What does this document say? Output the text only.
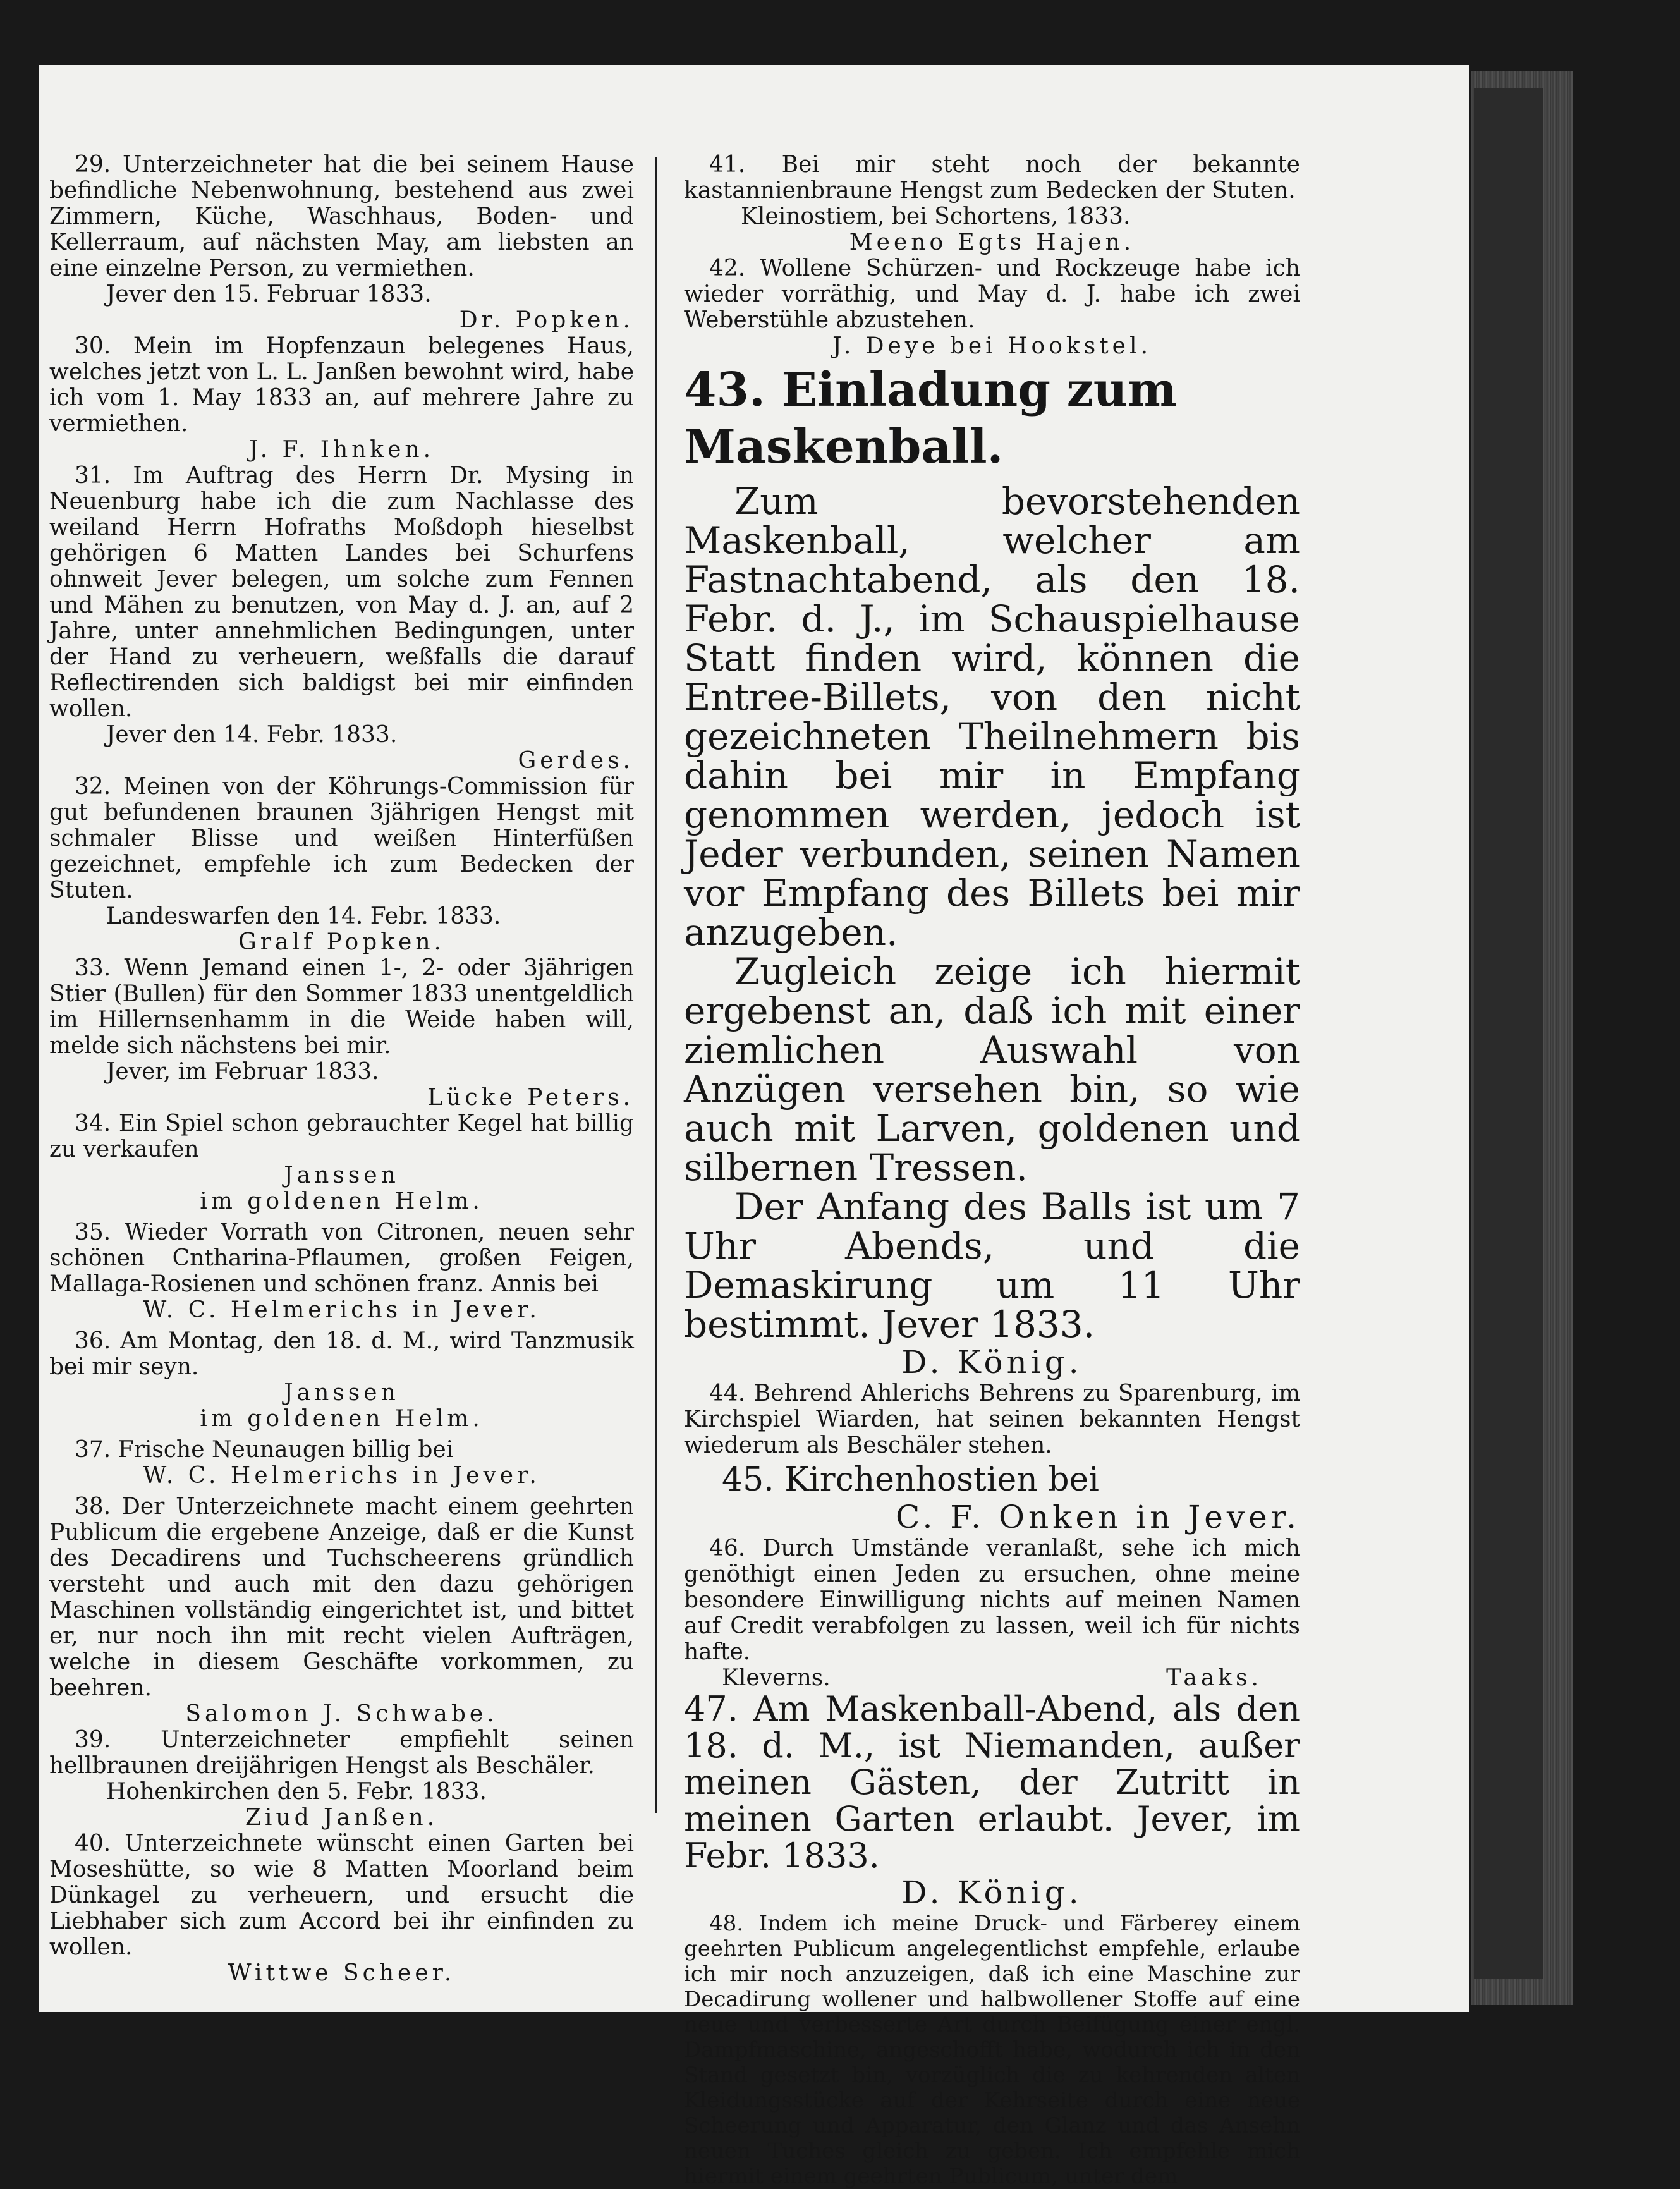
29. Unterzeichneter hat die bei seinem Hause befindliche Nebenwohnung, bestehend aus zwei Zimmern, Küche, Waschhaus, Boden- und Kellerraum, auf nächsten May, am liebsten an eine einzelne Person, zu vermiethen.

Jever den 15. Februar 1833.

Dr. Popken.

30. Mein im Hopfenzaun belegenes Haus, welches jetzt von L. L. Janßen bewohnt wird, habe ich vom 1. May 1833 an, auf mehrere Jahre zu vermiethen.

J. F. Ihnken.

31. Im Auftrag des Herrn Dr. Mysing in Neuenburg habe ich die zum Nachlasse des weiland Herrn Hofraths Moßdoph hieselbst gehörigen 6 Matten Landes bei Schurfens ohnweit Jever belegen, um solche zum Fennen und Mähen zu benutzen, von May d. J. an, auf 2 Jahre, unter annehmlichen Bedingungen, unter der Hand zu verheuern, weßfalls die darauf Reflectirenden sich baldigst bei mir einfinden wollen.

Jever den 14. Febr. 1833.

Gerdes.

32. Meinen von der Köhrungs-Commission für gut befundenen braunen 3jährigen Hengst mit schmaler Blisse und weißen Hinterfüßen gezeichnet, empfehle ich zum Bedecken der Stuten.

Landeswarfen den 14. Febr. 1833.

Gralf Popken.

33. Wenn Jemand einen 1-, 2- oder 3jährigen Stier (Bullen) für den Sommer 1833 unentgeldlich im Hillernsenhamm in die Weide haben will, melde sich nächstens bei mir.

Jever, im Februar 1833.

Lücke Peters.

34. Ein Spiel schon gebrauchter Kegel hat billig zu verkaufen

Janssen

im goldenen Helm.

35. Wieder Vorrath von Citronen, neuen sehr schönen Cntharina-Pflaumen, großen Feigen, Mallaga-Rosienen und schönen franz. Annis bei

W. C. Helmerichs in Jever.

36. Am Montag, den 18. d. M., wird Tanzmusik bei mir seyn.

Janssen

im goldenen Helm.

37. Frische Neunaugen billig bei

W. C. Helmerichs in Jever.

38. Der Unterzeichnete macht einem geehrten Publicum die ergebene Anzeige, daß er die Kunst des Decadirens und Tuchscheerens gründlich versteht und auch mit den dazu gehörigen Maschinen vollständig eingerichtet ist, und bittet er, nur noch ihn mit recht vielen Aufträgen, welche in diesem Geschäfte vorkommen, zu beehren.

Salomon J. Schwabe.

39. Unterzeichneter empfiehlt seinen hellbraunen dreijährigen Hengst als Beschäler.

Hohenkirchen den 5. Febr. 1833.

Ziud Janßen.

40. Unterzeichnete wünscht einen Garten bei Moseshütte, so wie 8 Matten Moorland beim Dünkagel zu verheuern, und ersucht die Liebhaber sich zum Accord bei ihr einfinden zu wollen.

Wittwe Scheer.

41. Bei mir steht noch der bekannte kastannienbraune Hengst zum Bedecken der Stuten.

Kleinostiem, bei Schortens, 1833.

Meeno Egts Hajen.

42. Wollene Schürzen- und Rockzeuge habe ich wieder vorräthig, und May d. J. habe ich zwei Weberstühle abzustehen.

J. Deye bei Hookstel.

43. Einladung zum Maskenball.

Zum bevorstehenden Maskenball, welcher am Fastnachtabend, als den 18. Febr. d. J., im Schauspielhause Statt finden wird, können die Entree-Billets, von den nicht gezeichneten Theilnehmern bis dahin bei mir in Empfang genommen werden, jedoch ist Jeder verbunden, seinen Namen vor Empfang des Billets bei mir anzugeben.

Zugleich zeige ich hiermit ergebenst an, daß ich mit einer ziemlichen Auswahl von Anzügen versehen bin, so wie auch mit Larven, goldenen und silbernen Tressen.

Der Anfang des Balls ist um 7 Uhr Abends, und die Demaskirung um 11 Uhr bestimmt. Jever 1833.

D. König.

44. Behrend Ahlerichs Behrens zu Sparenburg, im Kirchspiel Wiarden, hat seinen bekannten Hengst wiederum als Beschäler stehen.

45. Kirchenhostien bei

C. F. Onken in Jever.

46. Durch Umstände veranlaßt, sehe ich mich genöthigt einen Jeden zu ersuchen, ohne meine besondere Einwilligung nichts auf meinen Namen auf Credit verabfolgen zu lassen, weil ich für nichts hafte.

Kleverns.	Taaks.

47. Am Maskenball-Abend, als den 18. d. M., ist Niemanden, außer meinen Gästen, der Zutritt in meinen Garten erlaubt. Jever, im Febr. 1833.

D. König.

48. Indem ich meine Druck- und Färberey einem geehrten Publicum angelegentlichst empfehle, erlaube ich mir noch anzuzeigen, daß ich eine Maschine zur Decadirung wollener und halbwollener Stoffe auf eine neue und verbesserte Art durch Beifügung einer engl. Dampfmaschine, angeschofft habe, wodurch ich in den Stand gesetzt bin, vorzüglich die zu kehrenden alten Kleidungsstücke auf der Kehrseite durch eine neue Scheerung und Apparatur, den Glanz und das Ansehn neuen Tuches gleich zu geben. Ich empfehle mich hiermit einem geehrten Publicum, unter dem
